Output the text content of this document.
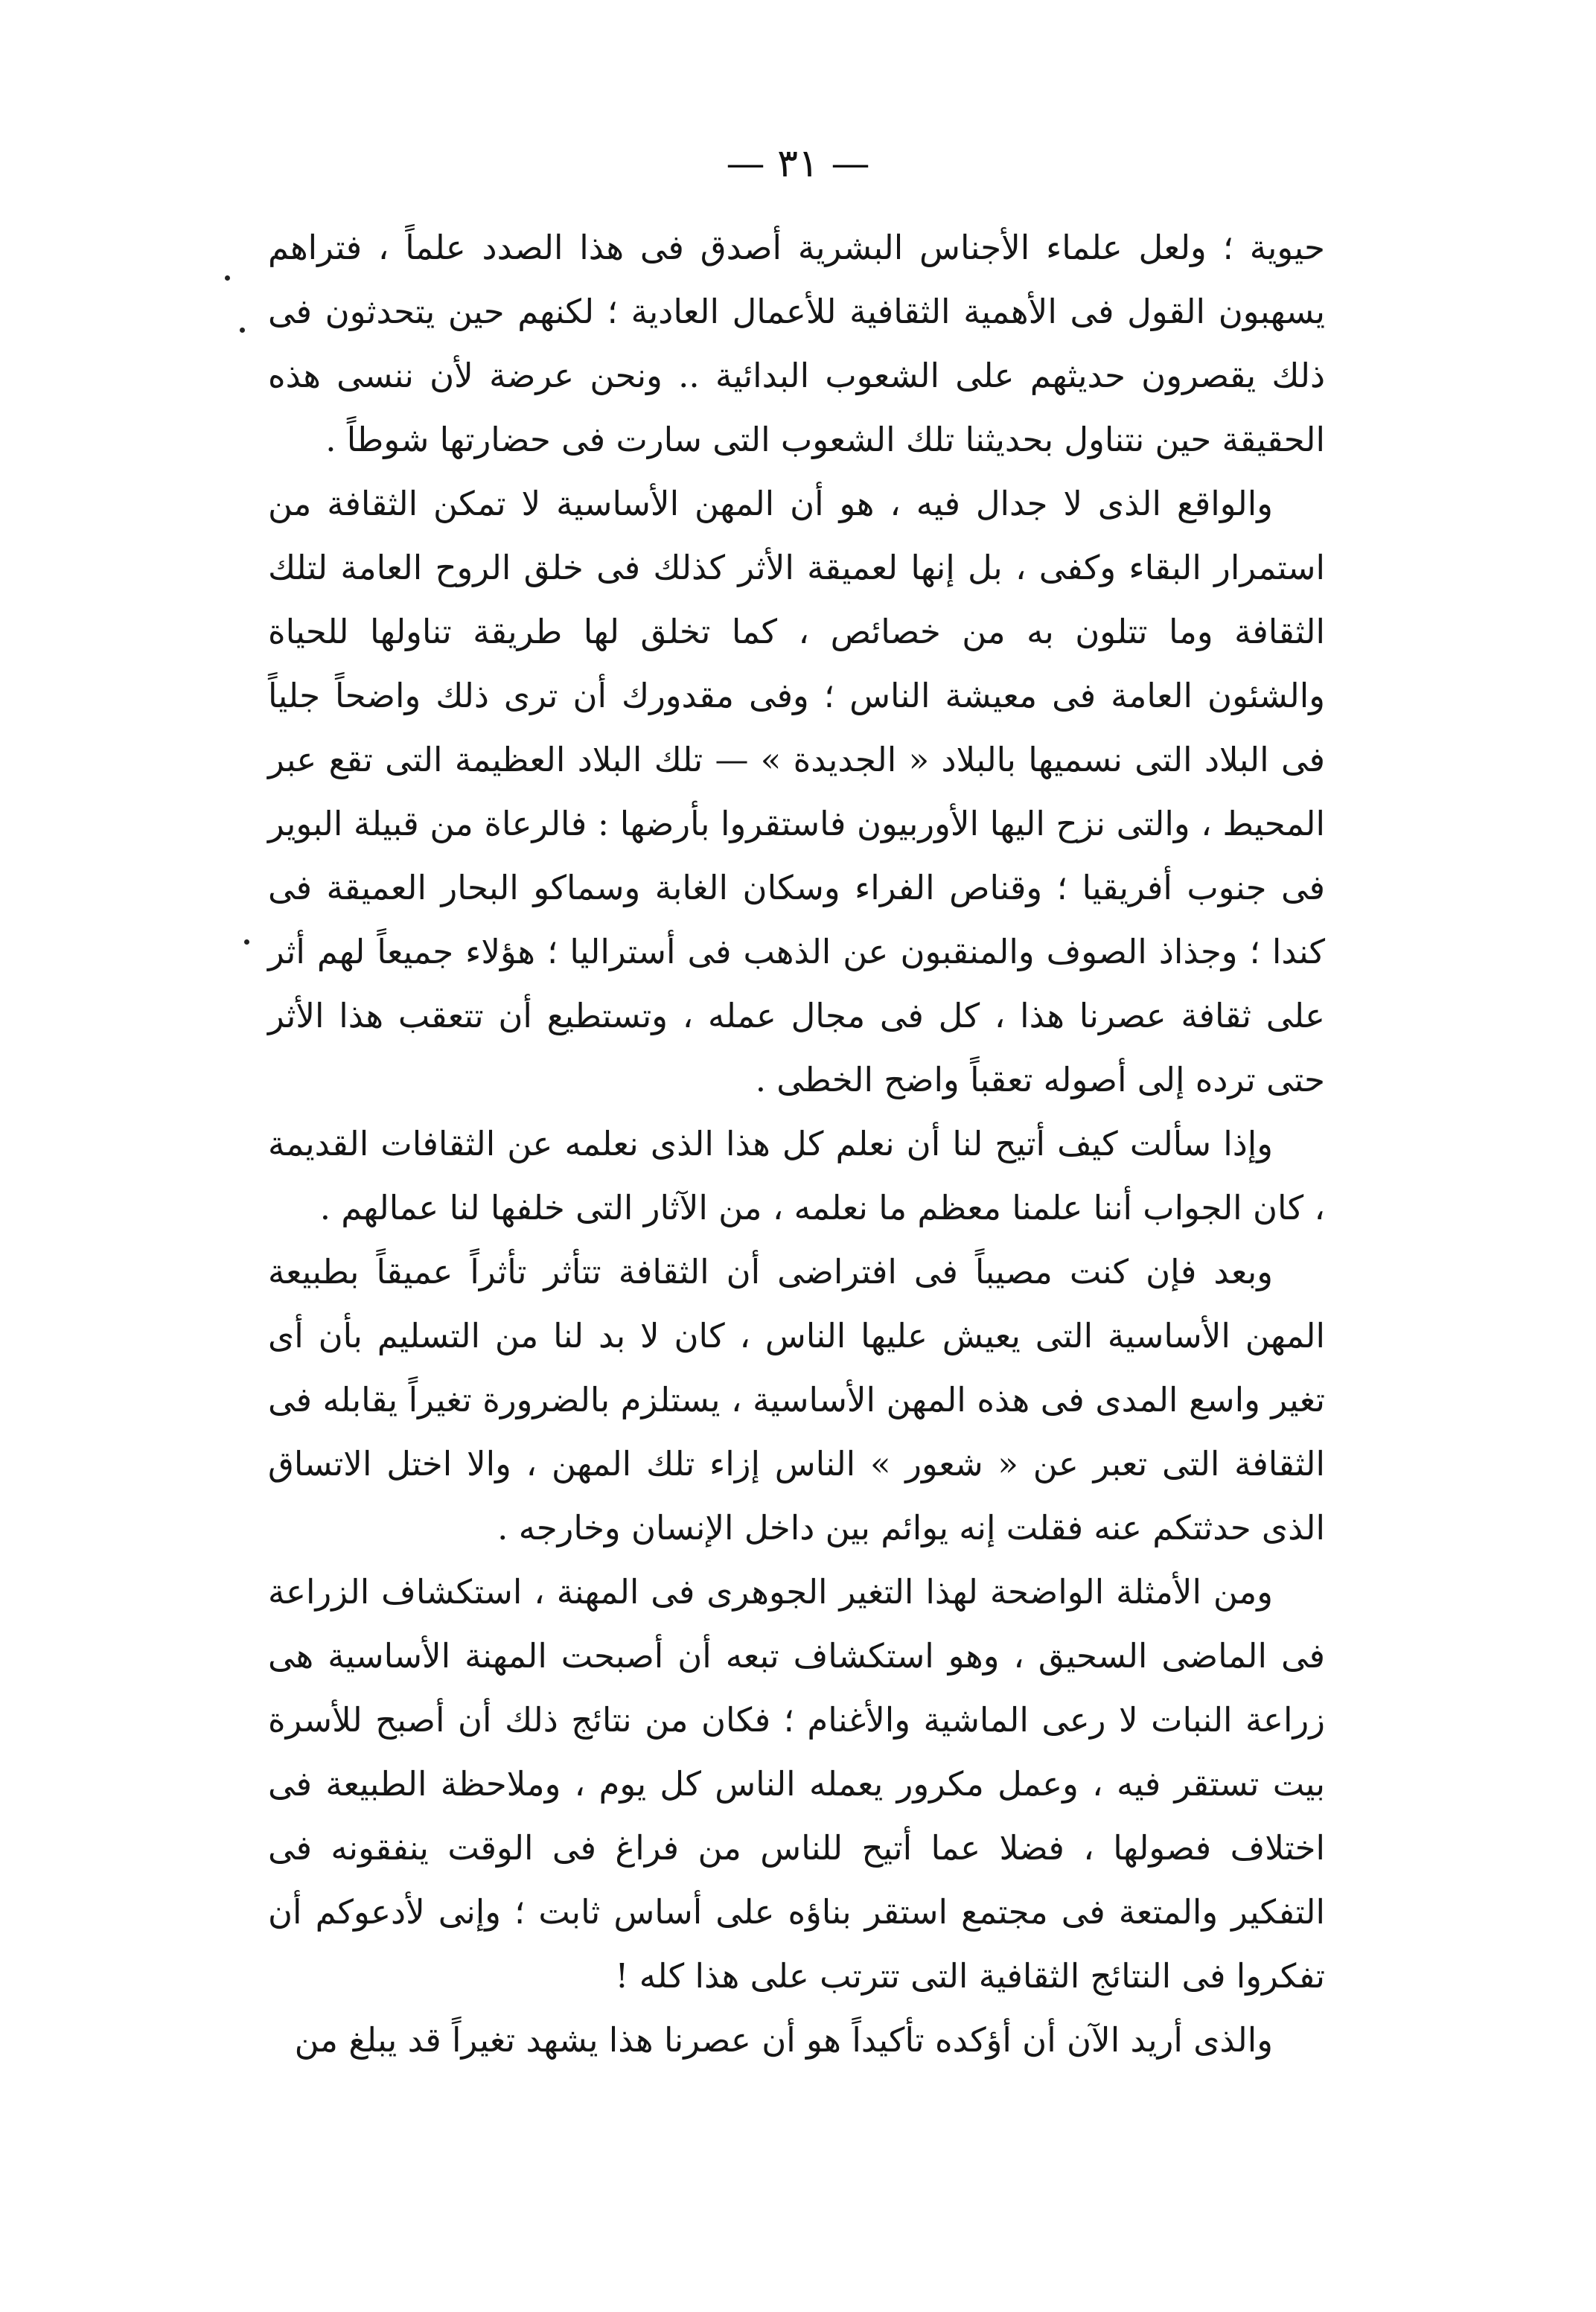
— ٣١ —

حيوية ؛ ولعل علماء الأجناس البشرية أصدق فى هذا الصدد علماً ، فتراهم يسهبون القول فى الأهمية الثقافية للأعمال العادية ؛ لكنهم حين يتحدثون فى ذلك يقصرون حديثهم على الشعوب البدائية .. ونحن عرضة لأن ننسى هذه الحقيقة حين نتناول بحديثنا تلك الشعوب التى سارت فى حضارتها شوطاً .

والواقع الذى لا جدال فيه ، هو أن المهن الأساسية لا تمكن الثقافة من استمرار البقاء وكفى ، بل إنها لعميقة الأثر كذلك فى خلق الروح العامة لتلك الثقافة وما تتلون به من خصائص ، كما تخلق لها طريقة تناولها للحياة والشئون العامة فى معيشة الناس ؛ وفى مقدورك أن ترى ذلك واضحاً جلياً فى البلاد التى نسميها بالبلاد « الجديدة » — تلك البلاد العظيمة التى تقع عبر المحيط ، والتى نزح اليها الأوربيون فاستقروا بأرضها : فالرعاة من قبيلة البوير فى جنوب أفريقيا ؛ وقناص الفراء وسكان الغابة وسماكو البحار العميقة فى كندا ؛ وجذاذ الصوف والمنقبون عن الذهب فى أستراليا ؛ هؤلاء جميعاً لهم أثر على ثقافة عصرنا هذا ، كل فى مجال عمله ، وتستطيع أن تتعقب هذا الأثر حتى ترده إلى أصوله تعقباً واضح الخطى .

وإذا سألت كيف أتيح لنا أن نعلم كل هذا الذى نعلمه عن الثقافات القديمة ، كان الجواب أننا علمنا معظم ما نعلمه ، من الآثار التى خلفها لنا عمالهم .

وبعد فإن كنت مصيباً فى افتراضى أن الثقافة تتأثر تأثراً عميقاً بطبيعة المهن الأساسية التى يعيش عليها الناس ، كان لا بد لنا من التسليم بأن أى تغير واسع المدى فى هذه المهن الأساسية ، يستلزم بالضرورة تغيراً يقابله فى الثقافة التى تعبر عن « شعور » الناس إزاء تلك المهن ، والا اختل الاتساق الذى حدثتكم عنه فقلت إنه يوائم بين داخل الإنسان وخارجه .

ومن الأمثلة الواضحة لهذا التغير الجوهرى فى المهنة ، استكشاف الزراعة فى الماضى السحيق ، وهو استكشاف تبعه أن أصبحت المهنة الأساسية هى زراعة النبات لا رعى الماشية والأغنام ؛ فكان من نتائج ذلك أن أصبح للأسرة بيت تستقر فيه ، وعمل مكرور يعمله الناس كل يوم ، وملاحظة الطبيعة فى اختلاف فصولها ، فضلا عما أتيح للناس من فراغ فى الوقت ينفقونه فى التفكير والمتعة فى مجتمع استقر بناؤه على أساس ثابت ؛ وإنى لأدعوكم أن تفكروا فى النتائج الثقافية التى تترتب على هذا كله !

والذى أريد الآن أن أؤكده تأكيداً هو أن عصرنا هذا يشهد تغيراً قد يبلغ من
